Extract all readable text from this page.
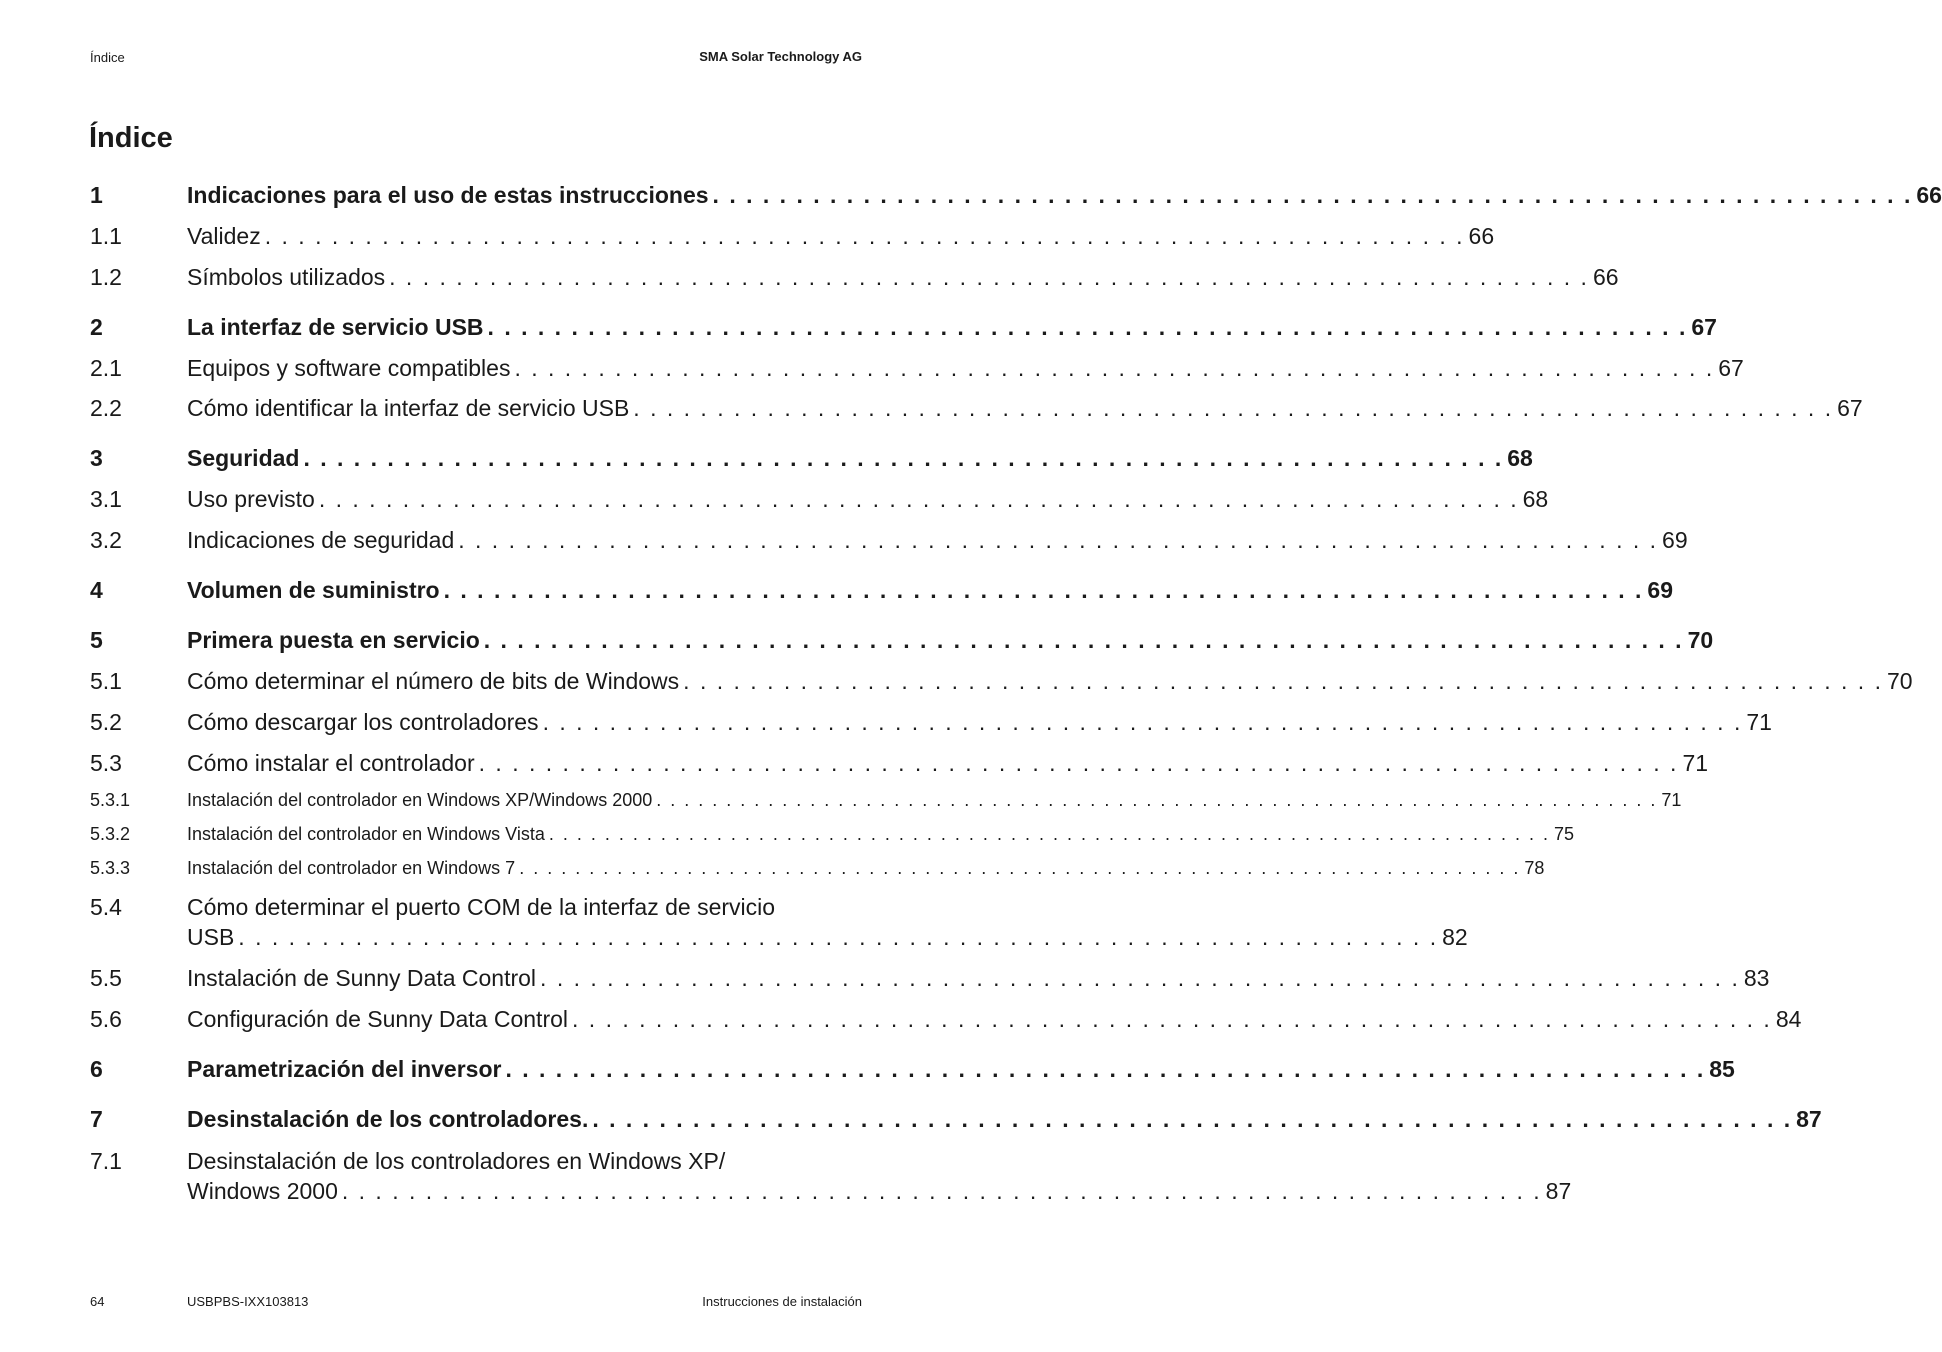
Índice	SMA Solar Technology AG
Índice
1	Indicaciones para el uso de estas instrucciones . . . . . . . . . . . . . . . . . . . . . . . . . . . . . . . . . . . . . . . . . . . . . . . . . . . . . . . . . . . . . . . . . . . . . . . . 66
1.1	Validez . . . . . . . . . . . . . . . . . . . . . . . . . . . . . . . . . . . . . . . . . . . . . . . . . . . . . . . . . . . . . . . . . . . . . . . . 66
1.2	Símbolos utilizados . . . . . . . . . . . . . . . . . . . . . . . . . . . . . . . . . . . . . . . . . . . . . . . . . . . . . . . . . . . . . . . . . . . . . . . . 66
2	La interfaz de servicio USB . . . . . . . . . . . . . . . . . . . . . . . . . . . . . . . . . . . . . . . . . . . . . . . . . . . . . . . . . . . . . . . . . . . . . . . . 67
2.1	Equipos y software compatibles . . . . . . . . . . . . . . . . . . . . . . . . . . . . . . . . . . . . . . . . . . . . . . . . . . . . . . . . . . . . . . . . . . . . . . . . 67
2.2	Cómo identificar la interfaz de servicio USB . . . . . . . . . . . . . . . . . . . . . . . . . . . . . . . . . . . . . . . . . . . . . . . . . . . . . . . . . . . . . . . . . . . . . . . . 67
3	Seguridad . . . . . . . . . . . . . . . . . . . . . . . . . . . . . . . . . . . . . . . . . . . . . . . . . . . . . . . . . . . . . . . . . . . . . . . . 68
3.1	Uso previsto . . . . . . . . . . . . . . . . . . . . . . . . . . . . . . . . . . . . . . . . . . . . . . . . . . . . . . . . . . . . . . . . . . . . . . . . 68
3.2	Indicaciones de seguridad . . . . . . . . . . . . . . . . . . . . . . . . . . . . . . . . . . . . . . . . . . . . . . . . . . . . . . . . . . . . . . . . . . . . . . . . 69
4	Volumen de suministro . . . . . . . . . . . . . . . . . . . . . . . . . . . . . . . . . . . . . . . . . . . . . . . . . . . . . . . . . . . . . . . . . . . . . . . . 69
5	Primera puesta en servicio . . . . . . . . . . . . . . . . . . . . . . . . . . . . . . . . . . . . . . . . . . . . . . . . . . . . . . . . . . . . . . . . . . . . . . . . 70
5.1	Cómo determinar el número de bits de Windows . . . . . . . . . . . . . . . . . . . . . . . . . . . . . . . . . . . . . . . . . . . . . . . . . . . . . . . . . . . . . . . . . . . . . . . . 70
5.2	Cómo descargar los controladores . . . . . . . . . . . . . . . . . . . . . . . . . . . . . . . . . . . . . . . . . . . . . . . . . . . . . . . . . . . . . . . . . . . . . . . . 71
5.3	Cómo instalar el controlador . . . . . . . . . . . . . . . . . . . . . . . . . . . . . . . . . . . . . . . . . . . . . . . . . . . . . . . . . . . . . . . . . . . . . . . . 71
5.3.1	Instalación del controlador en Windows XP/Windows 2000 . . . . . . . . . . . . . . . . . . . . . . . . . . . . . . . . . . . . . . . . . . . . . . . . . . . . . . . . . . . . . . . . . . . . . . . . 71
5.3.2	Instalación del controlador en Windows Vista . . . . . . . . . . . . . . . . . . . . . . . . . . . . . . . . . . . . . . . . . . . . . . . . . . . . . . . . . . . . . . . . . . . . . . . . 75
5.3.3	Instalación del controlador en Windows 7 . . . . . . . . . . . . . . . . . . . . . . . . . . . . . . . . . . . . . . . . . . . . . . . . . . . . . . . . . . . . . . . . . . . . . . . . 78
5.4	Cómo determinar el puerto COM de la interfaz de servicio
USB . . . . . . . . . . . . . . . . . . . . . . . . . . . . . . . . . . . . . . . . . . . . . . . . . . . . . . . . . . . . . . . . . . . . . . . . 82
5.5	Instalación de Sunny Data Control . . . . . . . . . . . . . . . . . . . . . . . . . . . . . . . . . . . . . . . . . . . . . . . . . . . . . . . . . . . . . . . . . . . . . . . . 83
5.6	Configuración de Sunny Data Control . . . . . . . . . . . . . . . . . . . . . . . . . . . . . . . . . . . . . . . . . . . . . . . . . . . . . . . . . . . . . . . . . . . . . . . . 84
6	Parametrización del inversor . . . . . . . . . . . . . . . . . . . . . . . . . . . . . . . . . . . . . . . . . . . . . . . . . . . . . . . . . . . . . . . . . . . . . . . . 85
7	Desinstalación de los controladores. . . . . . . . . . . . . . . . . . . . . . . . . . . . . . . . . . . . . . . . . . . . . . . . . . . . . . . . . . . . . . . . . . . . . . . . . 87
7.1	Desinstalación de los controladores en Windows XP/
Windows 2000 . . . . . . . . . . . . . . . . . . . . . . . . . . . . . . . . . . . . . . . . . . . . . . . . . . . . . . . . . . . . . . . . . . . . . . . . 87
64	USBPBS-IXX103813	Instrucciones de instalación
